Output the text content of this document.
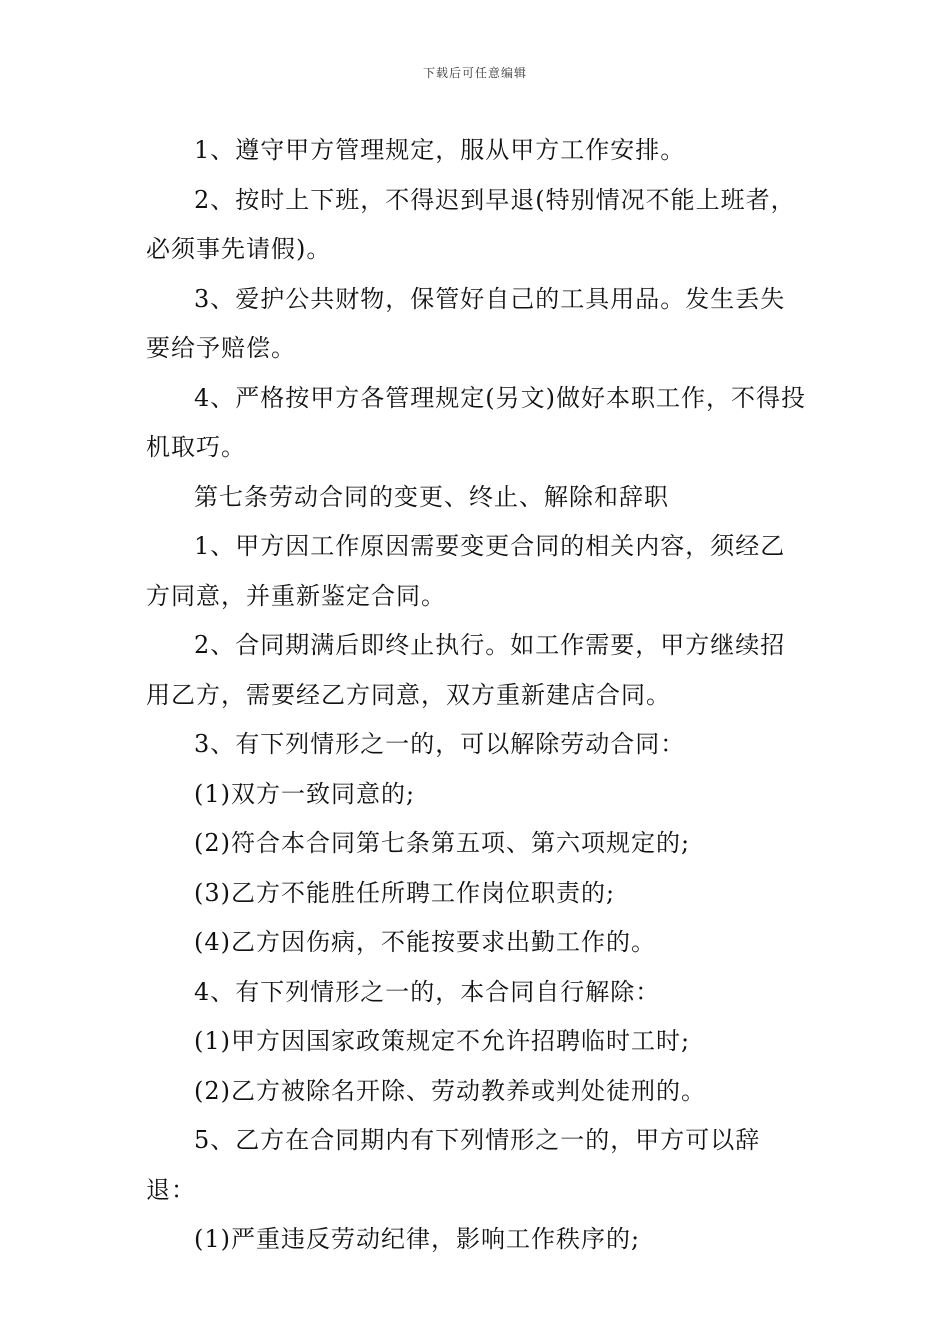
下载后可任意编辑

1、遵守甲方管理规定，服从甲方工作安排。

2、按时上下班，不得迟到早退(特别情况不能上班者，必须事先请假)。

3、爱护公共财物，保管好自己的工具用品。发生丢失要给予赔偿。

4、严格按甲方各管理规定(另文)做好本职工作，不得投机取巧。

第七条劳动合同的变更、终止、解除和辞职

1、甲方因工作原因需要变更合同的相关内容，须经乙方同意，并重新鉴定合同。

2、合同期满后即终止执行。如工作需要，甲方继续招用乙方，需要经乙方同意，双方重新建店合同。

3、有下列情形之一的，可以解除劳动合同：

(1)双方一致同意的;

(2)符合本合同第七条第五项、第六项规定的;

(3)乙方不能胜任所聘工作岗位职责的;

(4)乙方因伤病，不能按要求出勤工作的。

4、有下列情形之一的，本合同自行解除：

(1)甲方因国家政策规定不允许招聘临时工时;

(2)乙方被除名开除、劳动教养或判处徒刑的。

5、乙方在合同期内有下列情形之一的，甲方可以辞退：

(1)严重违反劳动纪律，影响工作秩序的;
